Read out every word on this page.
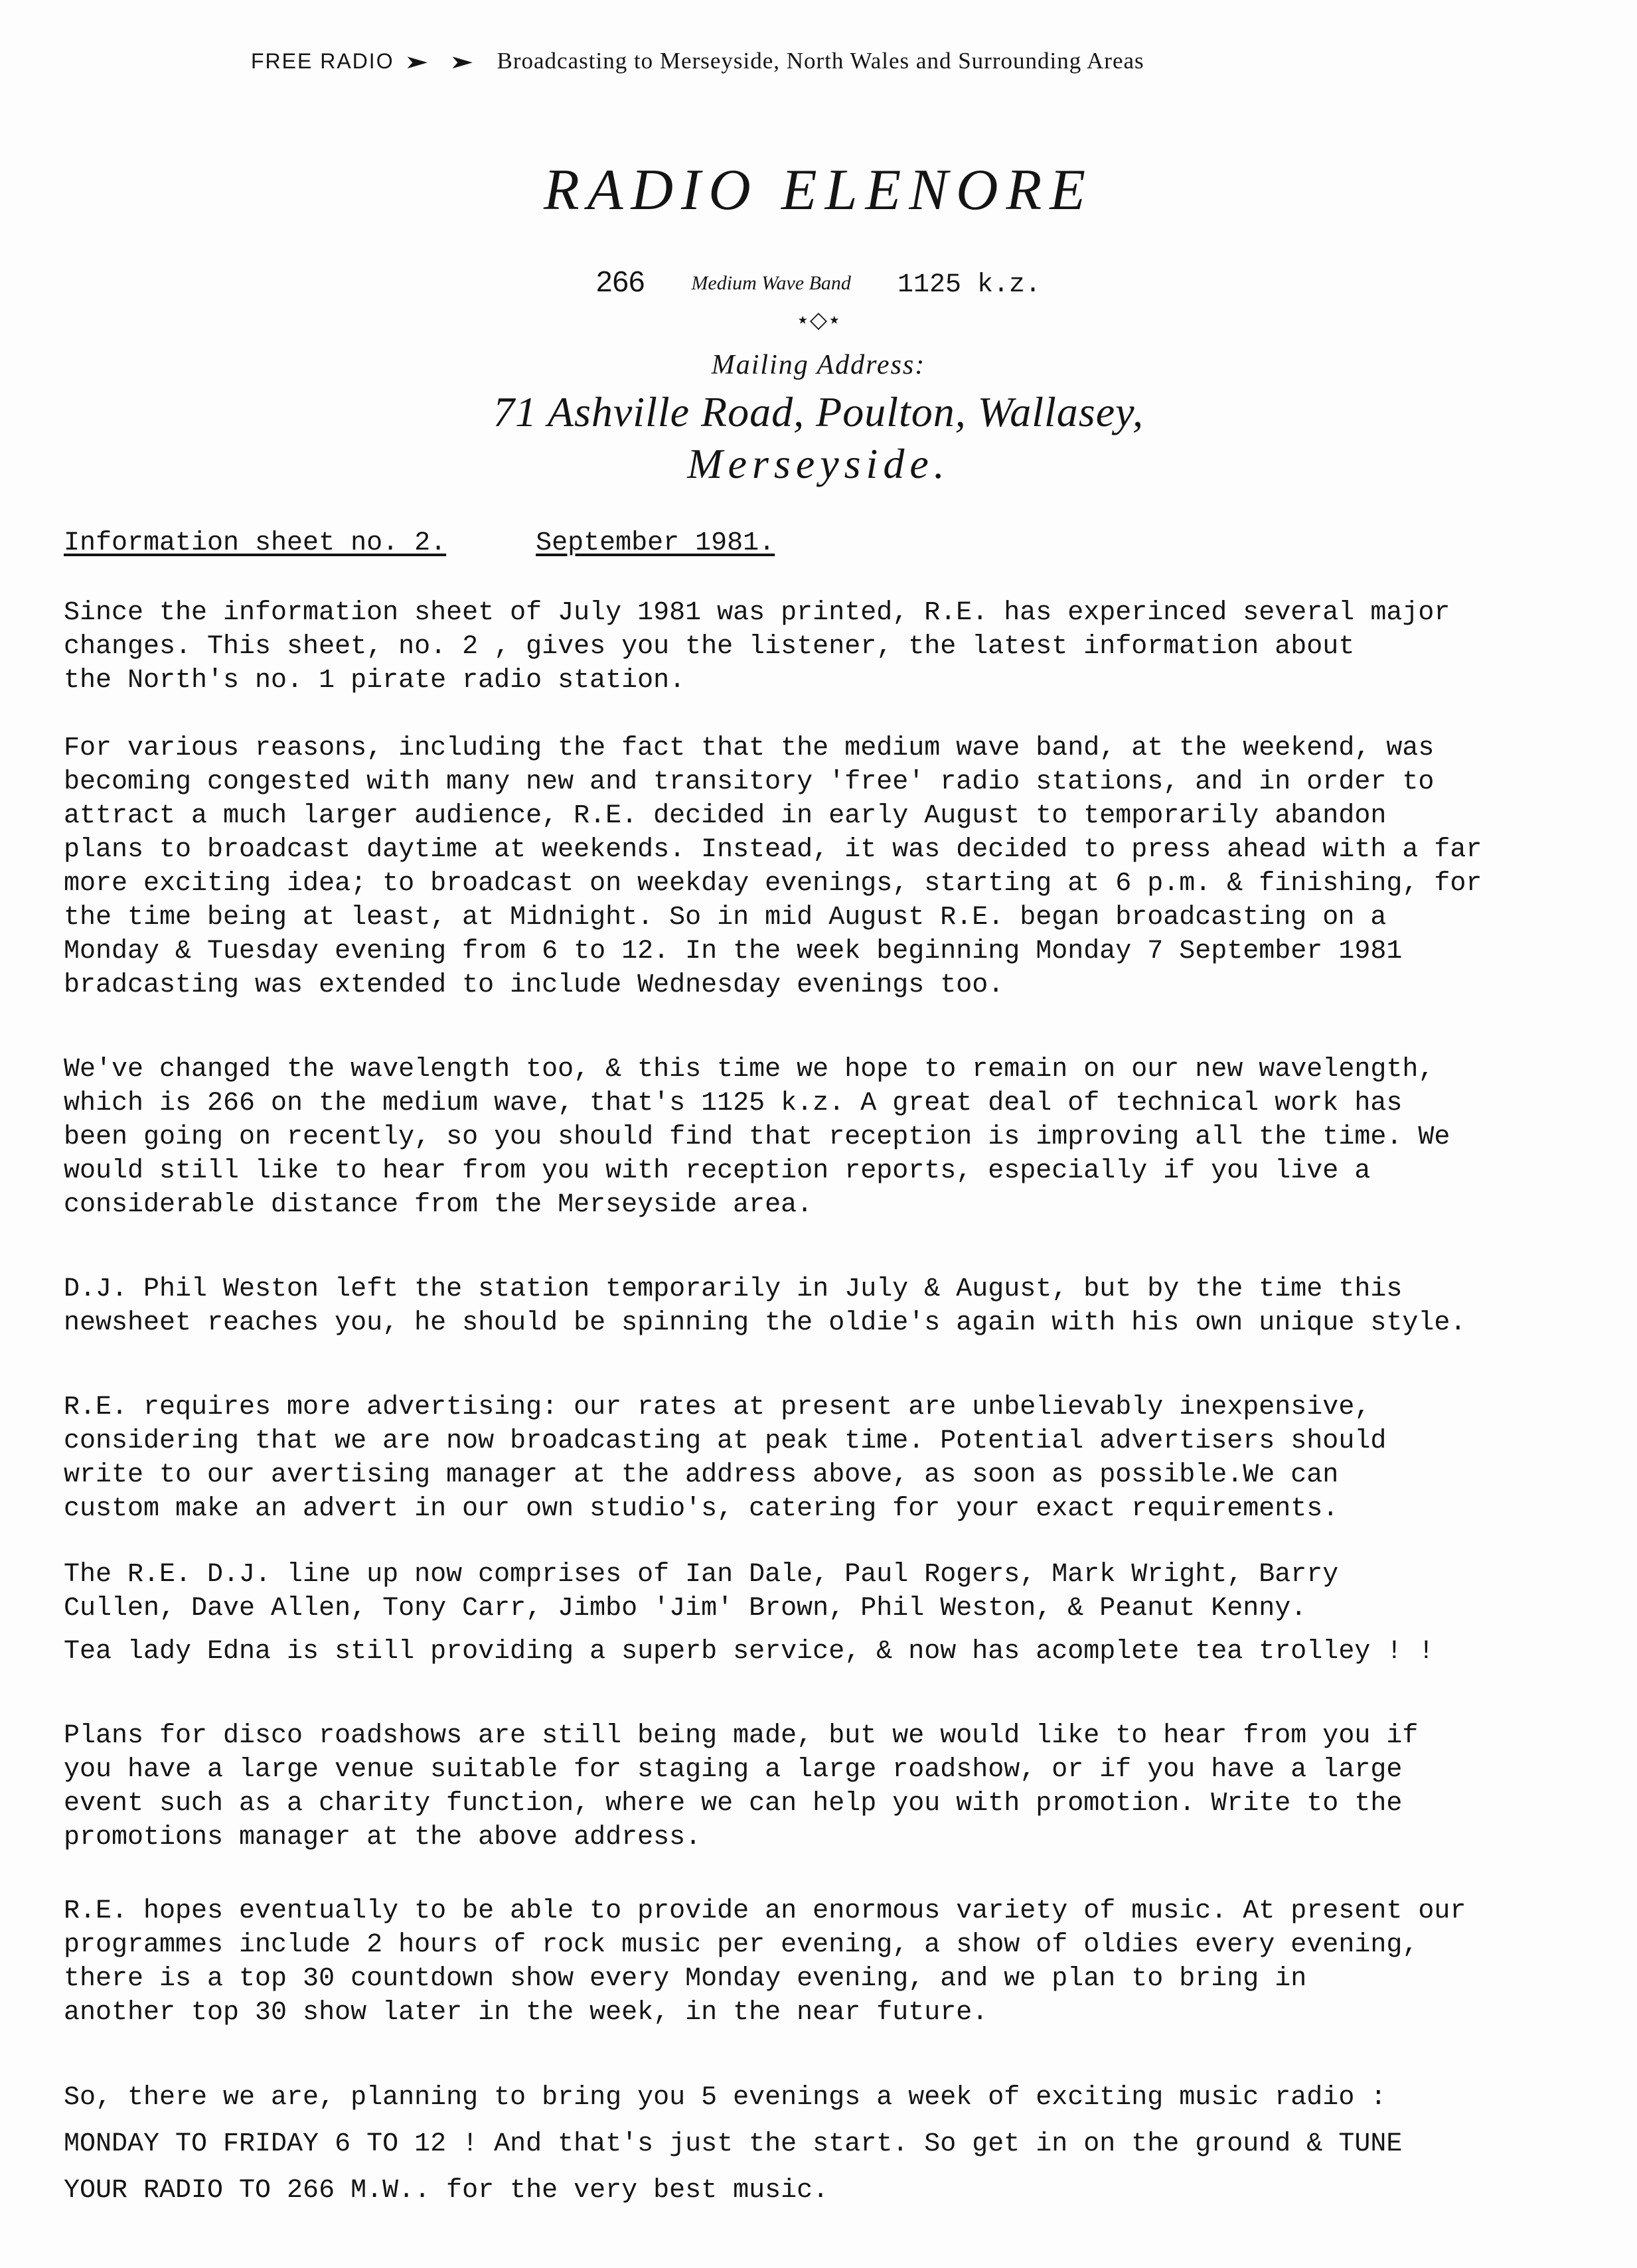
FREE RADIO ➤ ➤ Broadcasting to Merseyside, North Wales and Surrounding Areas
RADIO ELENORE
266 Medium Wave Band 1125 k.z.
⋆◇⋆
Mailing Address:
71 Ashville Road, Poulton, Wallasey,
Merseyside.
Information sheet no. 2.	September 1981.

Since the information sheet of July 1981 was printed, R.E. has experinced several major
changes. This sheet, no. 2 , gives you the listener, the latest information about
the North's no. 1 pirate radio station.

For various reasons, including the fact that the medium wave band, at the weekend, was
becoming congested with many new and transitory 'free' radio stations, and in order to
attract a much larger audience, R.E. decided in early August to temporarily abandon
plans to broadcast daytime at weekends. Instead, it was decided to press ahead with a far
more exciting idea; to broadcast on weekday evenings, starting at 6 p.m. & finishing, for
the time being at least, at Midnight. So in mid August R.E. began broadcasting on a
Monday & Tuesday evening from 6 to 12. In the week beginning Monday 7 September 1981
bradcasting was extended to include Wednesday evenings too.

We've changed the wavelength too, & this time we hope to remain on our new wavelength,
which is 266 on the medium wave, that's 1125 k.z. A great deal of technical work has
been going on recently, so you should find that reception is improving all the time. We
would still like to hear from you with reception reports, especially if you live a
considerable distance from the Merseyside area.

D.J. Phil Weston left the station temporarily in July & August, but by the time this
newsheet reaches you, he should be spinning the oldie's again with his own unique style.

R.E. requires more advertising: our rates at present are unbelievably inexpensive,
considering that we are now broadcasting at peak time. Potential advertisers should
write to our avertising manager at the address above, as soon as possible.We can
custom make an advert in our own studio's, catering for your exact requirements.

The R.E. D.J. line up now comprises of Ian Dale, Paul Rogers, Mark Wright, Barry
Cullen, Dave Allen, Tony Carr, Jimbo 'Jim' Brown, Phil Weston, & Peanut Kenny.

Tea lady Edna is still providing a superb service, & now has acomplete tea trolley ! !

Plans for disco roadshows are still being made, but we would like to hear from you if
you have a large venue suitable for staging a large roadshow, or if you have a large
event such as a charity function, where we can help you with promotion. Write to the
promotions manager at the above address.

R.E. hopes eventually to be able to provide an enormous variety of music. At present our
programmes include 2 hours of rock music per evening, a show of oldies every evening,
there is a top 30 countdown show every Monday evening, and we plan to bring in
another top 30 show later in the week, in the near future.

So, there we are, planning to bring you 5 evenings a week of exciting music radio :
MONDAY TO FRIDAY 6 TO 12 ! And that's just the start. So get in on the ground & TUNE
YOUR RADIO TO 266 M.W.. for the very best music.
